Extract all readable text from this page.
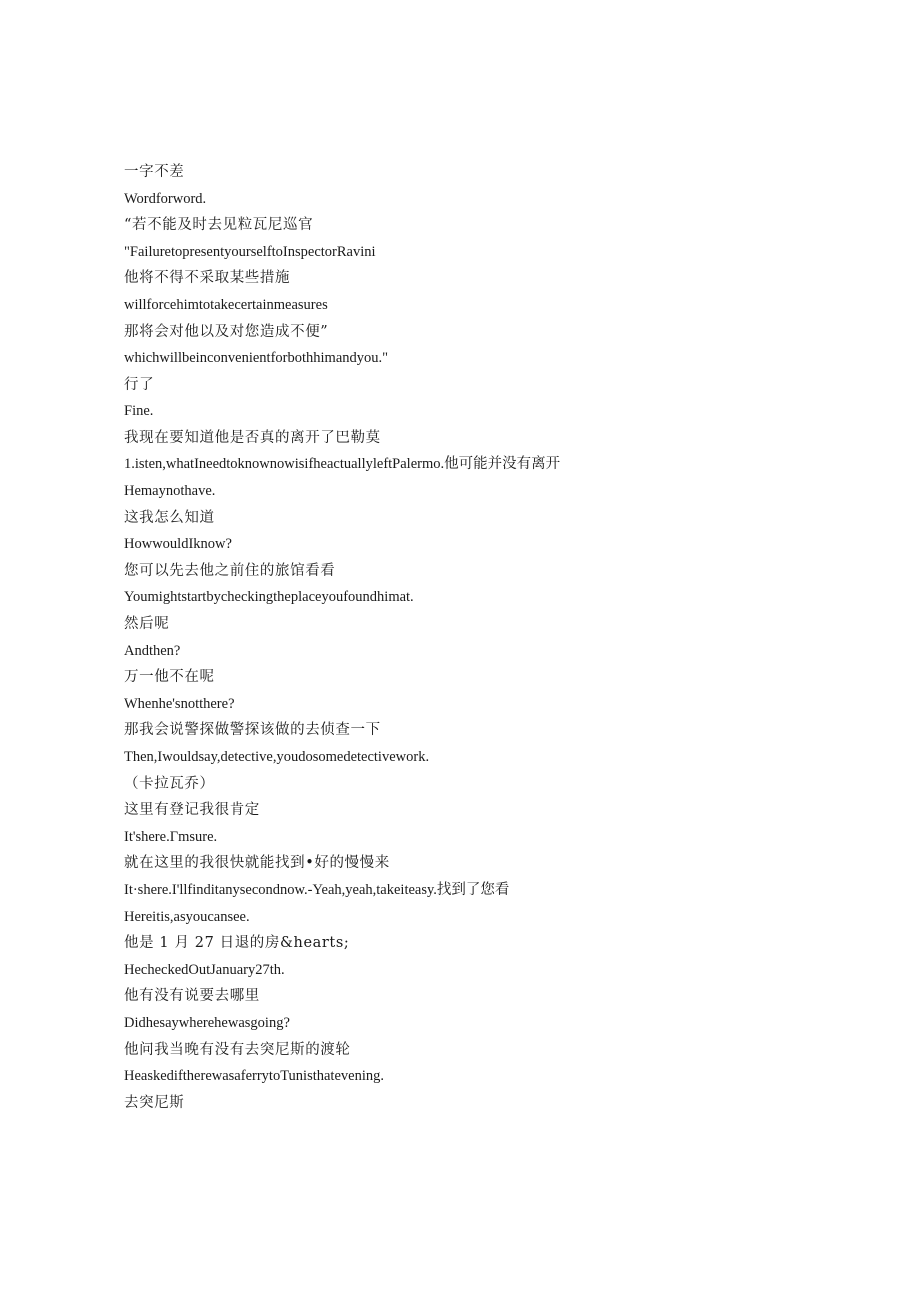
一字不差

Wordforword.

“若不能及时去见粒瓦尼巡官

"FailuretopresentyourselftoInspectorRavini

他将不得不采取某些措施

willforcehimtotakecertainmeasures

那将会对他以及对您造成不便”

whichwillbeinconvenientforbothhimandyou."

行了

Fine.

我现在要知道他是否真的离开了巴勒莫

1.isten,whatIneedtoknownowisifheactuallyleftPalermo.他可能并没有离开

Hemaynothave.

这我怎么知道

HowwouldIknow?

您可以先去他之前住的旅馆看看

Youmightstartbycheckingtheplaceyoufoundhimat.

然后呢

Andthen?

万一他不在呢

Whenhe'snotthere?

那我会说警探做警探该做的去侦查一下

Then,Iwouldsay,detective,youdosomedetectivework.

（卡拉瓦乔）

这里有登记我很肯定

It'shere.Γmsure.

就在这里的我很快就能找到•好的慢慢来

It·shere.I'llfinditanysecondnow.-Yeah,yeah,takeiteasy.找到了您看

Hereitis,asyoucansee.

他是 1 月 27 日退的房&hearts;

HecheckedOutJanuary27th.

他有没有说要去哪里

Didhesaywherehewasgoing?

他问我当晚有没有去突尼斯的渡轮

HeaskediftherewasaferrytoTunisthatevening.

去突尼斯
